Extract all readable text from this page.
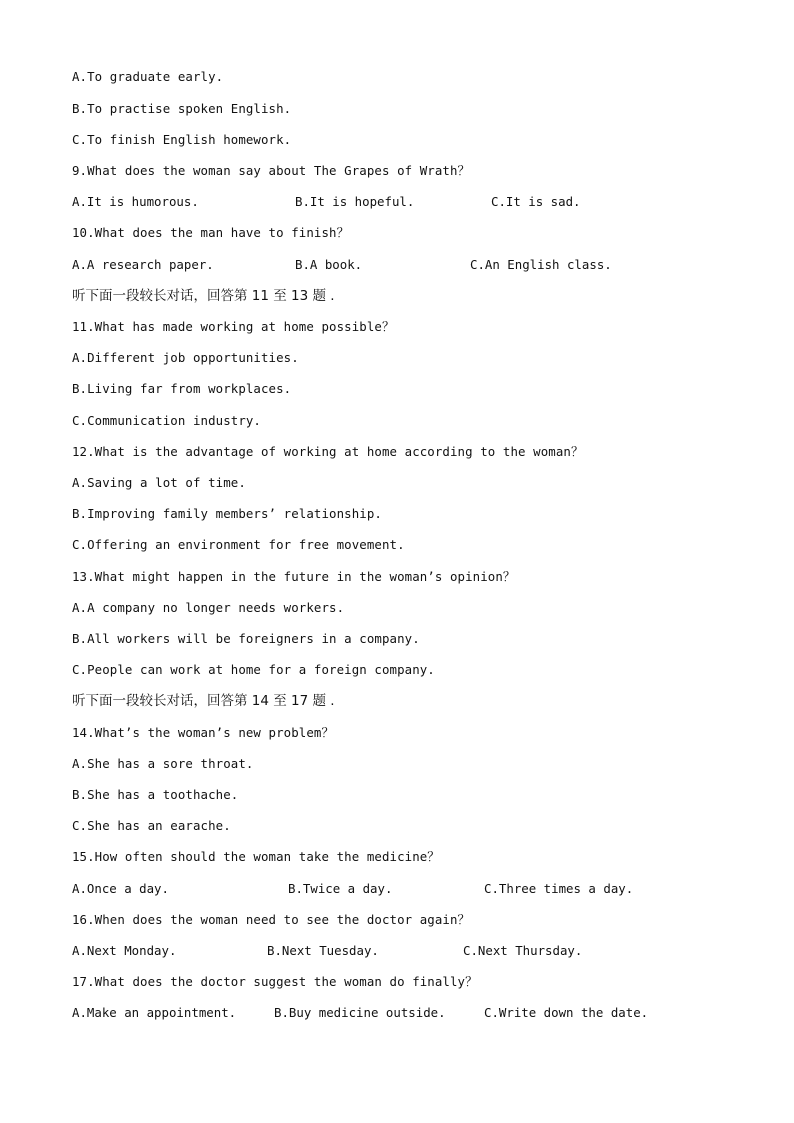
A.To graduate early.
B.To practise spoken English.
C.To finish English homework.
9.What does the woman say about The Grapes of Wrath？
A.It is humorous.	B.It is hopeful.	C.It is sad.
10.What does the man have to finish？
A.A research paper.	B.A book.	C.An English class.
听下面一段较长对话，回答第 11 至 13 题 .
11.What has made working at home possible？
A.Different job opportunities.
B.Living far from workplaces.
C.Communication industry.
12.What is the advantage of working at home according to the woman？
A.Saving a lot of time.
B.Improving family members’ relationship.
C.Offering an environment for free movement.
13.What might happen in the future in the woman’s opinion？
A.A company no longer needs workers.
B.All workers will be foreigners in a company.
C.People can work at home for a foreign company.
听下面一段较长对话，回答第 14 至 17 题 .
14.What’s the woman’s new problem？
A.She has a sore throat.
B.She has a toothache.
C.She has an earache.
15.How often should the woman take the medicine？
A.Once a day.	B.Twice a day.	C.Three times a day.
16.When does the woman need to see the doctor again？
A.Next Monday.	B.Next Tuesday.	C.Next Thursday.
17.What does the doctor suggest the woman do finally？
A.Make an appointment.	B.Buy medicine outside.	C.Write down the date.
